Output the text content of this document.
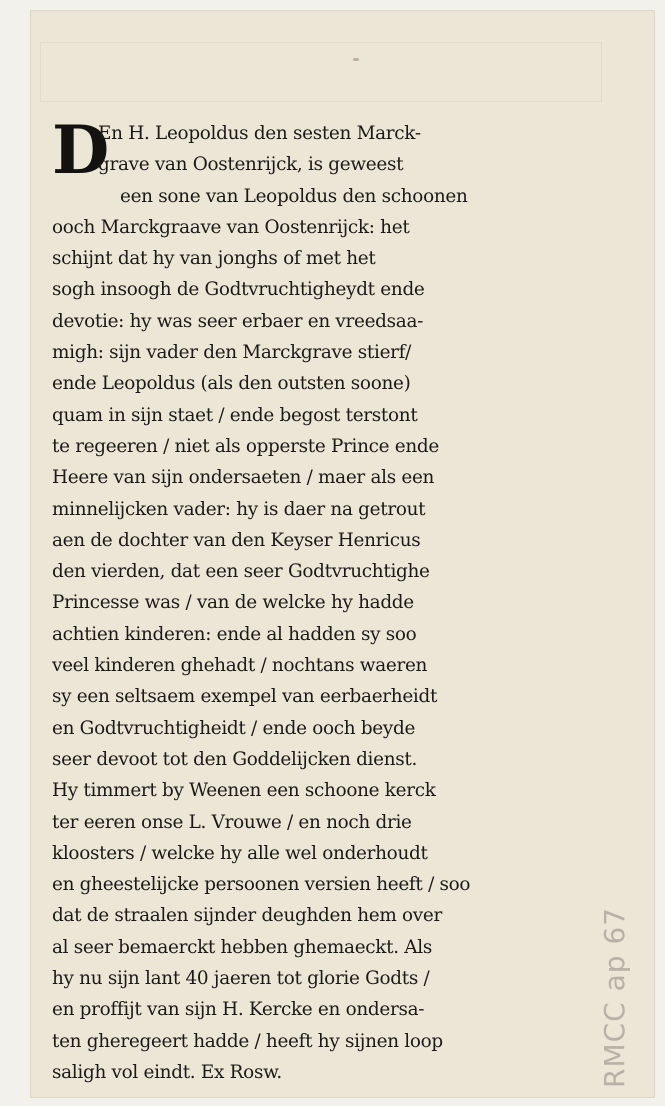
D
En H. Leopoldus den sesten Marck-
grave van Oostenrijck, is geweest
een sone van Leopoldus den schoonen
ooch Marckgraave van Oostenrijck: het
schijnt dat hy van jonghs of met het
sogh insoogh de Godtvruchtigheydt ende
devotie: hy was seer erbaer en vreedsaa-
migh: sijn vader den Marckgrave stierf/
ende Leopoldus (als den outsten soone)
quam in sijn staet / ende begost terstont
te regeeren / niet als opperste Prince ende
Heere van sijn ondersaeten / maer als een
minnelijcken vader: hy is daer na getrout
aen de dochter van den Keyser Henricus
den vierden, dat een seer Godtvruchtighe
Princesse was / van de welcke hy hadde
achtien kinderen: ende al hadden sy soo
veel kinderen ghehadt / nochtans waeren
sy een seltsaem exempel van eerbaerheidt
en Godtvruchtigheidt / ende ooch beyde
seer devoot tot den Goddelijcken dienst.
Hy timmert by Weenen een schoone kerck
ter eeren onse L. Vrouwe / en noch drie
kloosters / welcke hy alle wel onderhoudt
en gheestelijcke persoonen versien heeft / soo
dat de straalen sijnder deughden hem over
al seer bemaerckt hebben ghemaeckt. Als
hy nu sijn lant 40 jaeren tot glorie Godts /
en proffijt van sijn H. Kercke en ondersa-
ten gheregeert hadde / heeft hy sijnen loop
saligh vol eindt. Ex Rosw.	RMCC ap 67
